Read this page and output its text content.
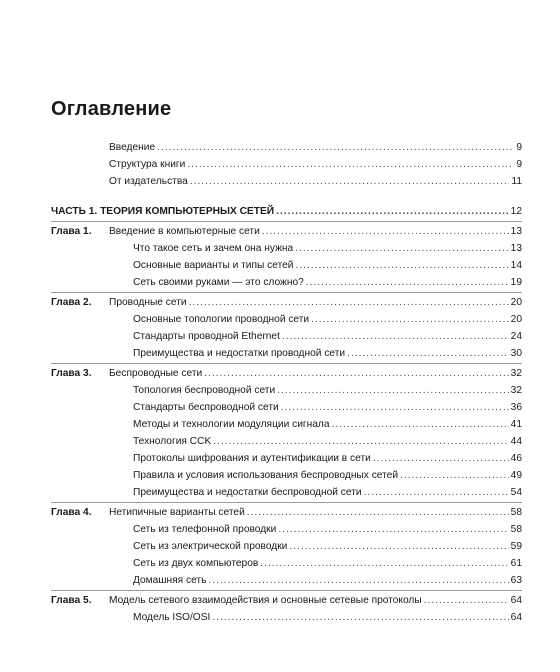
Оглавление
Введение .....	9
Структура книги .....	9
От издательства .....	11
ЧАСТЬ 1. ТЕОРИЯ КОМПЬЮТЕРНЫХ СЕТЕЙ .....	12
Глава 1.	Введение в компьютерные сети .....	13
Что такое сеть и зачем она нужна .....	13
Основные варианты и типы сетей .....	14
Сеть своими руками — это сложно? .....	19
Глава 2.	Проводные сети .....	20
Основные топологии проводной сети .....	20
Стандарты проводной Ethernet .....	24
Преимущества и недостатки проводной сети .....	30
Глава 3.	Беспроводные сети .....	32
Топология беспроводной сети .....	32
Стандарты беспроводной сети .....	36
Методы и технологии модуляции сигнала .....	41
Технология CCK .....	44
Протоколы шифрования и аутентификации в сети .....	46
Правила и условия использования беспроводных сетей .....	49
Преимущества и недостатки беспроводной сети .....	54
Глава 4.	Нетипичные варианты сетей .....	58
Сеть из телефонной проводки .....	58
Сеть из электрической проводки .....	59
Сеть из двух компьютеров .....	61
Домашняя сеть .....	63
Глава 5.	Модель сетевого взаимодействия и основные сетевые протоколы .....	64
Модель ISO/OSI .....	64
